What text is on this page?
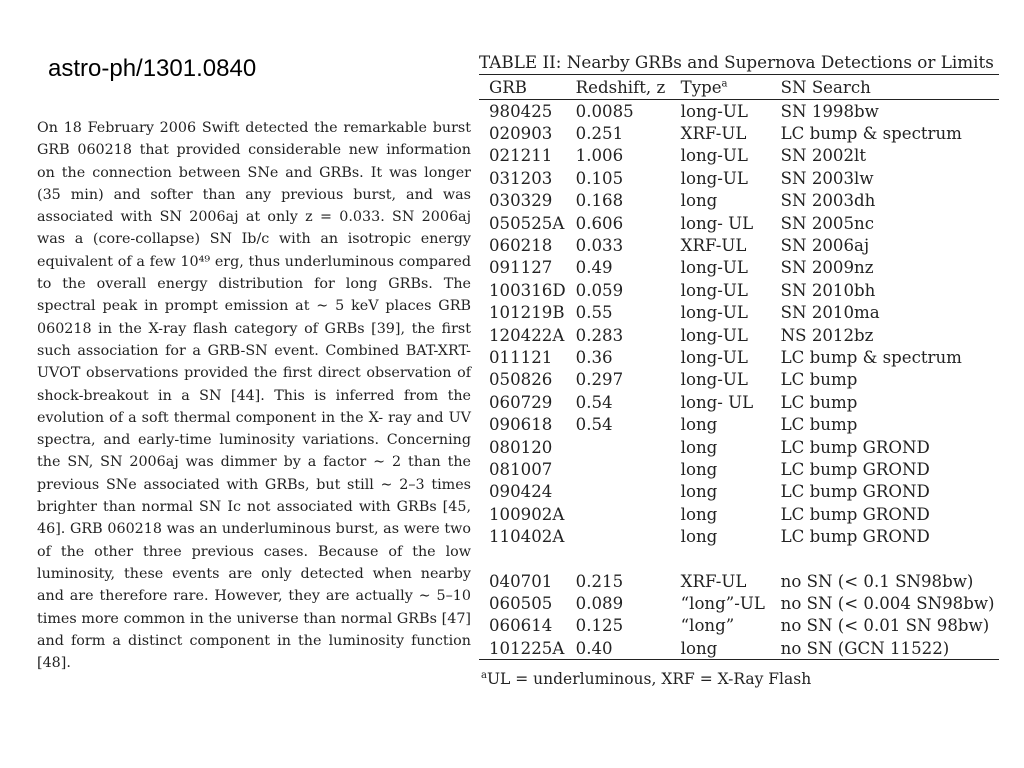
astro-ph/1301.0840
On 18 February 2006 Swift detected the remarkable burst GRB 060218 that provided considerable new information on the connection between SNe and GRBs. It was longer (35 min) and softer than any previous burst, and was associated with SN 2006aj at only z = 0.033. SN 2006aj was a (core-collapse) SN Ib/c with an isotropic energy equivalent of a few 10⁴⁹ erg, thus underluminous compared to the overall energy distribution for long GRBs. The spectral peak in prompt emission at ∼ 5 keV places GRB 060218 in the X-ray flash category of GRBs [39], the first such association for a GRB-SN event. Combined BAT-XRT-UVOT observations provided the first direct observation of shock-breakout in a SN [44]. This is inferred from the evolution of a soft thermal component in the X- ray and UV spectra, and early-time luminosity variations. Concerning the SN, SN 2006aj was dimmer by a factor ∼ 2 than the previous SNe associated with GRBs, but still ∼ 2–3 times brighter than normal SN Ic not associated with GRBs [45, 46]. GRB 060218 was an underluminous burst, as were two of the other three previous cases. Because of the low luminosity, these events are only detected when nearby and are therefore rare. However, they are actually ∼ 5–10 times more common in the universe than normal GRBs [47] and form a distinct component in the luminosity function [48].
TABLE II: Nearby GRBs and Supernova Detections or Limits
GRB	Redshift, z	Type$^a$	SN Search
980425	0.0085	long-UL	SN 1998bw
020903	0.251	XRF-UL	LC bump & spectrum
021211	1.006	long-UL	SN 2002lt
031203	0.105	long-UL	SN 2003lw
030329	0.168	long	SN 2003dh
050525A	0.606	long- UL	SN 2005nc
060218	0.033	XRF-UL	SN 2006aj
091127	0.49	long-UL	SN 2009nz
100316D	0.059	long-UL	SN 2010bh
101219B	0.55	long-UL	SN 2010ma
120422A	0.283	long-UL	NS 2012bz
011121	0.36	long-UL	LC bump & spectrum
050826	0.297	long-UL	LC bump
060729	0.54	long- UL	LC bump
090618	0.54	long	LC bump
080120		long	LC bump GROND
081007		long	LC bump GROND
090424		long	LC bump GROND
100902A		long	LC bump GROND
110402A		long	LC bump GROND

040701	0.215	XRF-UL	no SN (< 0.1 SN98bw)
060505	0.089	“long”-UL	no SN (< 0.004 SN98bw)
060614	0.125	“long”	no SN (< 0.01 SN 98bw)
101225A	0.40	long	no SN (GCN 11522)
$^a$UL = underluminous, XRF = X-Ray Flash
